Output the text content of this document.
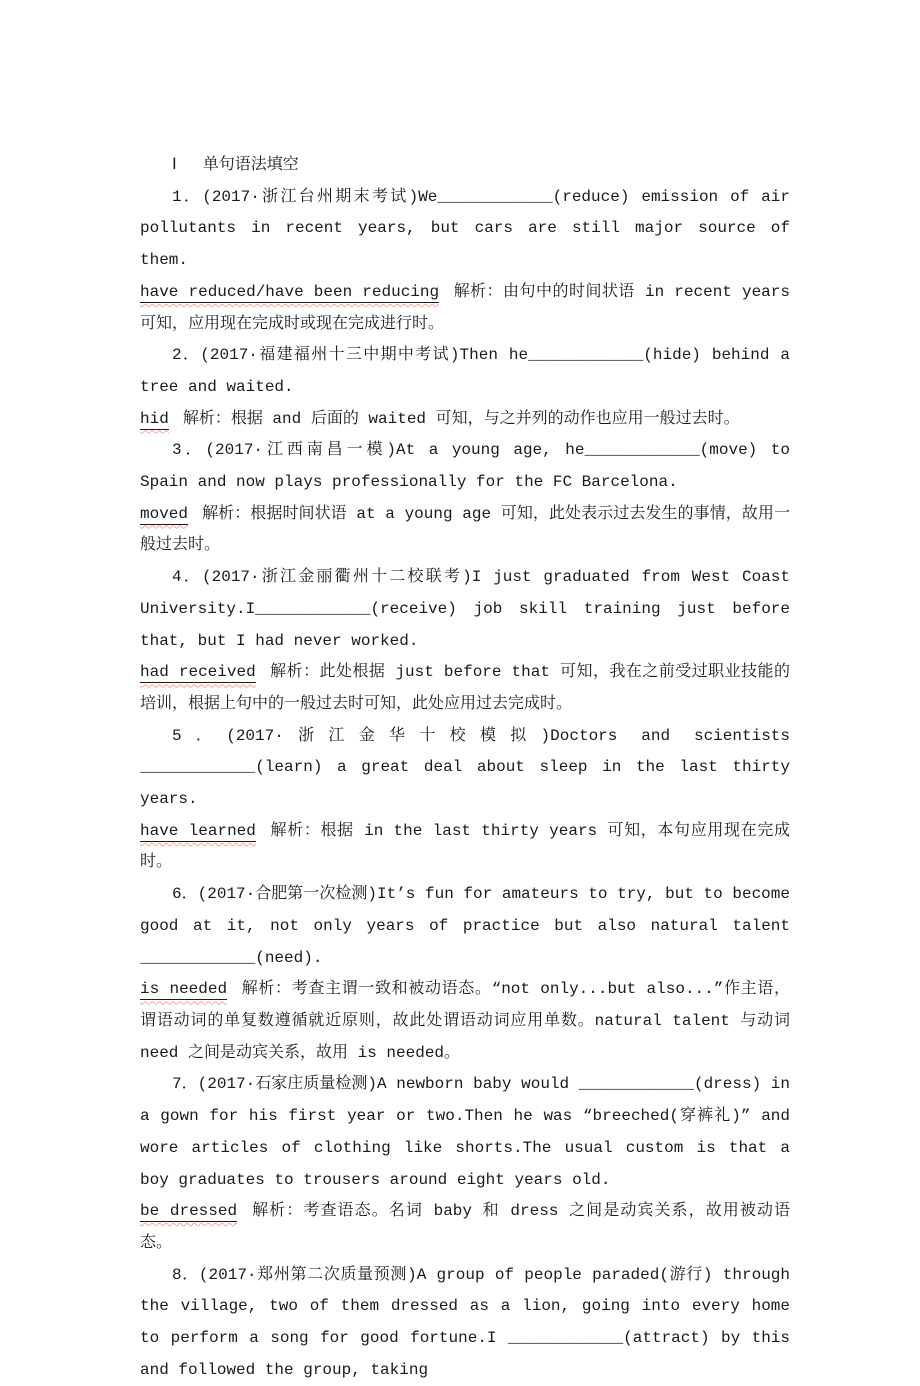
Ⅰ 单句语法填空

1．(2017·浙江台州期末考试)We____________(reduce) emission of air pollutants in recent years, but cars are still major source of them.

have reduced/have been reducing 解析：由句中的时间状语 in recent years 可知，应用现在完成时或现在完成进行时。

2．(2017·福建福州十三中期中考试)Then he____________(hide) behind a tree and waited.

hid 解析：根据 and 后面的 waited 可知，与之并列的动作也应用一般过去时。

3．(2017·江西南昌一模)At a young age, he____________(move) to Spain and now plays professionally for the FC Barcelona.

moved 解析：根据时间状语 at a young age 可知，此处表示过去发生的事情，故用一般过去时。

4．(2017·浙江金丽衢州十二校联考)I just graduated from West Coast University.I____________(receive) job skill training just before that, but I had never worked.

had received 解析：此处根据 just before that 可知，我在之前受过职业技能的培训，根据上句中的一般过去时可知，此处应用过去完成时。

5．(2017·浙江金华十校模拟)Doctors and scientists ____________(learn) a great deal about sleep in the last thirty years.

have learned 解析：根据 in the last thirty years 可知，本句应用现在完成时。

6．(2017·合肥第一次检测)It’s fun for amateurs to try, but to become good at it, not only years of practice but also natural talent ____________(need).

is needed 解析：考查主谓一致和被动语态。“not only...but also...”作主语，谓语动词的单复数遵循就近原则，故此处谓语动词应用单数。natural talent 与动词 need 之间是动宾关系，故用 is needed。

7．(2017·石家庄质量检测)A newborn baby would ____________(dress) in a gown for his first year or two.Then he was “breeched(穿裤礼)” and wore articles of clothing like shorts.The usual custom is that a boy graduates to trousers around eight years old.

be dressed 解析：考查语态。名词 baby 和 dress 之间是动宾关系，故用被动语态。

8．(2017·郑州第二次质量预测)A group of people paraded(游行) through the village, two of them dressed as a lion, going into every home to perform a song for good fortune.I ____________(attract) by this and followed the group, taking
